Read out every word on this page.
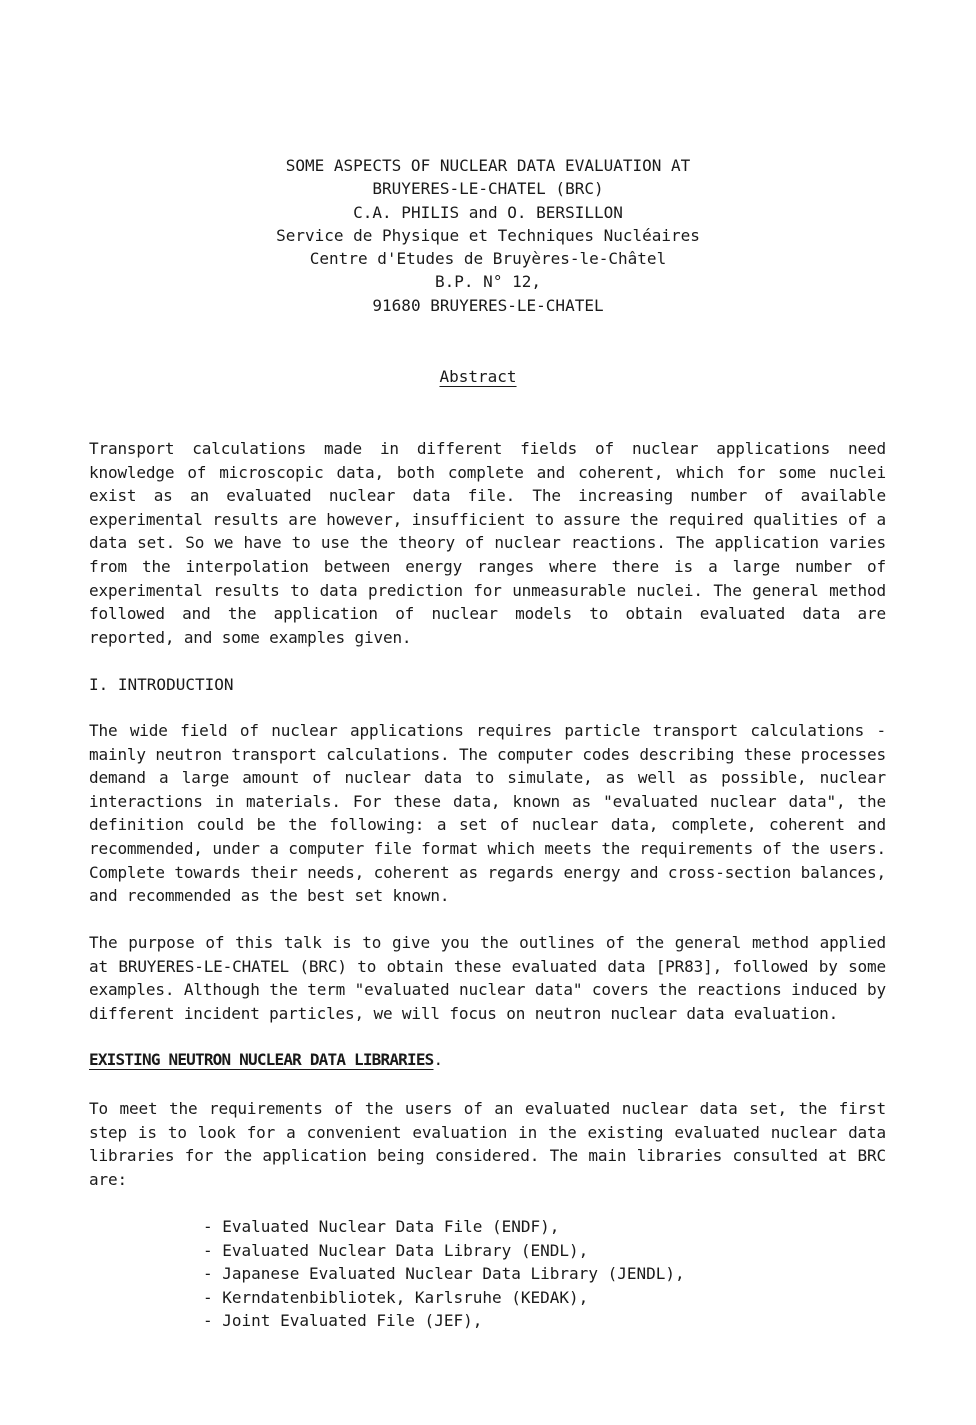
SOME ASPECTS OF NUCLEAR DATA EVALUATION AT
BRUYERES-LE-CHATEL (BRC)
C.A. PHILIS and O. BERSILLON
Service de Physique et Techniques Nucléaires
Centre d'Etudes de Bruyères-le-Châtel
B.P. N° 12,
91680 BRUYERES-LE-CHATEL
Abstract

Transport calculations made in different fields of nuclear applications need knowledge of microscopic data, both complete and coherent, which for some nuclei exist as an evaluated nuclear data file. The increasing number of available experimental results are however, insufficient to assure the required qualities of a data set. So we have to use the theory of nuclear reactions. The application varies from the interpolation between energy ranges where there is a large number of experimental results to data prediction for unmeasurable nuclei. The general method followed and the application of nuclear models to obtain evaluated data are reported, and some examples given.

I. INTRODUCTION

The wide field of nuclear applications requires particle transport calculations - mainly neutron transport calculations. The computer codes describing these processes demand a large amount of nuclear data to simulate, as well as possible, nuclear interactions in materials. For these data, known as "evaluated nuclear data", the definition could be the following: a set of nuclear data, complete, coherent and recommended, under a computer file format which meets the requirements of the users. Complete towards their needs, coherent as regards energy and cross-section balances, and recommended as the best set known.

The purpose of this talk is to give you the outlines of the general method applied at BRUYERES-LE-CHATEL (BRC) to obtain these evaluated data [PR83], followed by some examples. Although the term "evaluated nuclear data" covers the reactions induced by different incident particles, we will focus on neutron nuclear data evaluation.

EXISTING NEUTRON NUCLEAR DATA LIBRARIES.

To meet the requirements of the users of an evaluated nuclear data set, the first step is to look for a convenient evaluation in the existing evaluated nuclear data libraries for the application being considered. The main libraries consulted at BRC are:

- Evaluated Nuclear Data File (ENDF),
- Evaluated Nuclear Data Library (ENDL),
- Japanese Evaluated Nuclear Data Library (JENDL),
- Kerndatenbibliotek, Karlsruhe (KEDAK),
- Joint Evaluated File (JEF),
